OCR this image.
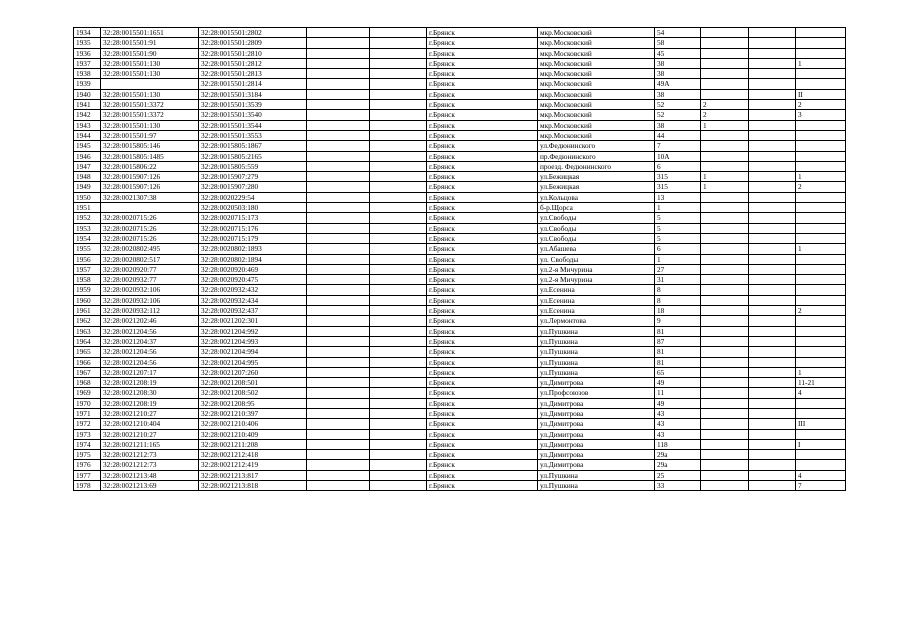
1934	32:28:0015501:1651	32:28:0015501:2802			г.Брянск	мкр.Московский	54			
1935	32:28:0015501:91	32:28:0015501:2809			г.Брянск	мкр.Московский	58			
1936	32:28:0015501:90	32:28:0015501:2810			г.Брянск	мкр.Московский	45			
1937	32:28:0015501:130	32:28:0015501:2812			г.Брянск	мкр.Московский	38			1
1938	32:28:0015501:130	32:28:0015501:2813			г.Брянск	мкр.Московский	38			
1939		32:28:0015501:2814			г.Брянск	мкр.Московский	49А			
1940	32:28:0015501:130	32:28:0015501:3184			г.Брянск	мкр.Московский	38			II
1941	32:28:0015501:3372	32:28:0015501:3539			г.Брянск	мкр.Московский	52	2		2
1942	32:28:0015501:3372	32:28:0015501:3540			г.Брянск	мкр.Московский	52	2		3
1943	32:28:0015501:130	32:28:0015501:3544			г.Брянск	мкр.Московский	38	1		
1944	32:28:0015501:97	32:28:0015501:3553			г.Брянск	мкр.Московский	44			
1945	32:28:0015805:146	32:28:0015805:1867			г.Брянск	ул.Федюнинского	7			
1946	32:28:0015805:1485	32:28:0015805:2165			г.Брянск	пр.Федюнинского	10А			
1947	32:28:0015806:22	32:28:0015805:559			г.Брянск	проезд. Федюнинского	6			
1948	32:28:0015907:126	32:28:0015907:279			г.Брянск	ул.Бежицкая	315	1		1
1949	32:28:0015907:126	32:28:0015907:280			г.Брянск	ул.Бежицкая	315	1		2
1950	32:28:0021307:38	32:28:0020229:54			г.Брянск	ул.Кольцова	13			
1951		32:28:0020503:180			г.Брянск	б-р.Щорса	1			
1952	32:28:0020715:26	32:28:0020715:173			г.Брянск	ул.Свободы	5			
1953	32:28:0020715:26	32:28:0020715:176			г.Брянск	ул.Свободы	5			
1954	32:28:0020715:26	32:28:0020715:179			г.Брянск	ул.Свободы	5			
1955	32:28:0020802:495	32:28:0020802:1893			г.Брянск	ул.Абашева	6			1
1956	32:28:0020802:517	32:28:0020802:1894			г.Брянск	ул. Свободы	1			
1957	32:28:0020920:77	32:28:0020920:469			г.Брянск	ул.2-я Мичурина	27			
1958	32:28:0020932:77	32:28:0020920:475			г.Брянск	ул.2-я Мичурина	31			
1959	32:28:0020932:106	32:28:0020932:432			г.Брянск	ул.Есенина	8			
1960	32:28:0020932:106	32:28:0020932:434			г.Брянск	ул.Есенина	8			
1961	32:28:0020932:112	32:28:0020932:437			г.Брянск	ул.Есенина	18			2
1962	32:28:0021202:46	32:28:0021202:301			г.Брянск	ул.Лермонтова	9			
1963	32:28:0021204:56	32:28:0021204:992			г.Брянск	ул.Пушкина	81			
1964	32:28:0021204:37	32:28:0021204:993			г.Брянск	ул.Пушкина	87			
1965	32:28:0021204:56	32:28:0021204:994			г.Брянск	ул.Пушкина	81			
1966	32:28:0021204:56	32:28:0021204:995			г.Брянск	ул.Пушкина	81			
1967	32:28:0021207:17	32:28:0021207:260			г.Брянск	ул.Пушкина	65			1
1968	32:28:0021208:19	32:28:0021208:501			г.Брянск	ул.Димитрова	49			11-21
1969	32:28:0021208:30	32:28:0021208:502			г.Брянск	ул.Профсоюзов	11			4
1970	32:28:0021208:19	32:28:0021208:95			г.Брянск	ул.Димитрова	49			
1971	32:28:0021210:27	32:28:0021210:397			г.Брянск	ул.Димитрова	43			
1972	32:28:0021210:404	32:28:0021210:406			г.Брянск	ул.Димитрова	43			III
1973	32:28:0021210:27	32:28:0021210:409			г.Брянск	ул.Димитрова	43			
1974	32:28:0021211:165	32:28:0021211:208			г.Брянск	ул.Димитрова	118			I
1975	32:28:0021212:73	32:28:0021212:418			г.Брянск	ул.Димитрова	29а			
1976	32:28:0021212:73	32:28:0021212:419			г.Брянск	ул.Димитрова	29а			
1977	32:28:0021213:48	32:28:0021213:817			г.Брянск	ул.Пушкина	25			4
1978	32:28:0021213:69	32:28:0021213:818			г.Брянск	ул.Пушкина	33			7
